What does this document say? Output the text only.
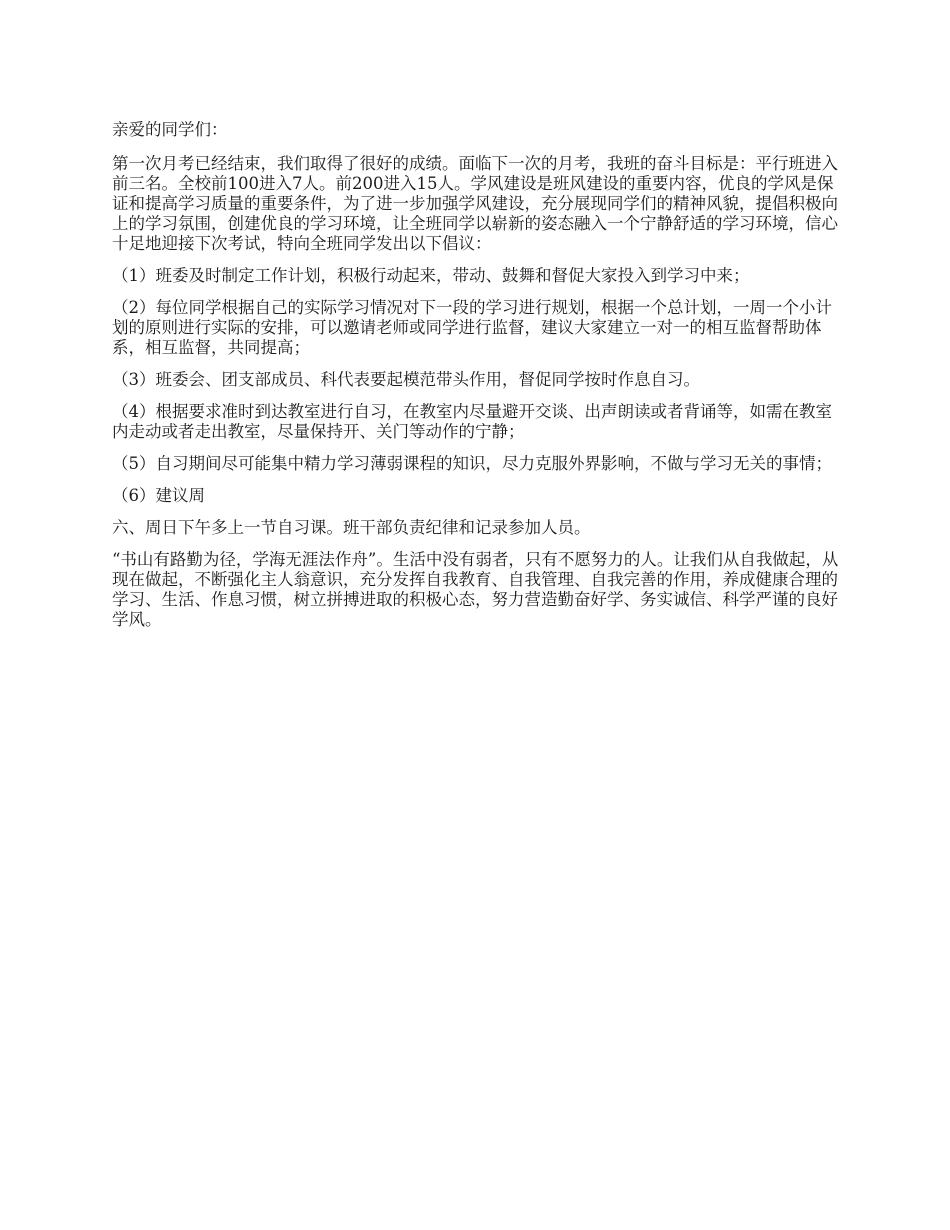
亲爱的同学们：

第一次月考已经结束，我们取得了很好的成绩。面临下一次的月考，我班的奋斗目标是：平行班进入前三名。全校前100进入7人。前200进入15人。学风建设是班风建设的重要内容，优良的学风是保证和提高学习质量的重要条件，为了进一步加强学风建设，充分展现同学们的精神风貌，提倡积极向上的学习氛围，创建优良的学习环境，让全班同学以崭新的姿态融入一个宁静舒适的学习环境，信心十足地迎接下次考试，特向全班同学发出以下倡议：

（1）班委及时制定工作计划，积极行动起来，带动、鼓舞和督促大家投入到学习中来；

（2）每位同学根据自己的实际学习情况对下一段的学习进行规划，根据一个总计划，一周一个小计划的原则进行实际的安排，可以邀请老师或同学进行监督，建议大家建立一对一的相互监督帮助体系，相互监督，共同提高；

（3）班委会、团支部成员、科代表要起模范带头作用，督促同学按时作息自习。

（4）根据要求准时到达教室进行自习，在教室内尽量避开交谈、出声朗读或者背诵等，如需在教室内走动或者走出教室，尽量保持开、关门等动作的宁静；

（5）自习期间尽可能集中精力学习薄弱课程的知识，尽力克服外界影响，不做与学习无关的事情；

（6）建议周

六、周日下午多上一节自习课。班干部负责纪律和记录参加人员。

“书山有路勤为径，学海无涯法作舟”。生活中没有弱者，只有不愿努力的人。让我们从自我做起，从现在做起，不断强化主人翁意识，充分发挥自我教育、自我管理、自我完善的作用，养成健康合理的学习、生活、作息习惯，树立拼搏进取的积极心态，努力营造勤奋好学、务实诚信、科学严谨的良好学风。
